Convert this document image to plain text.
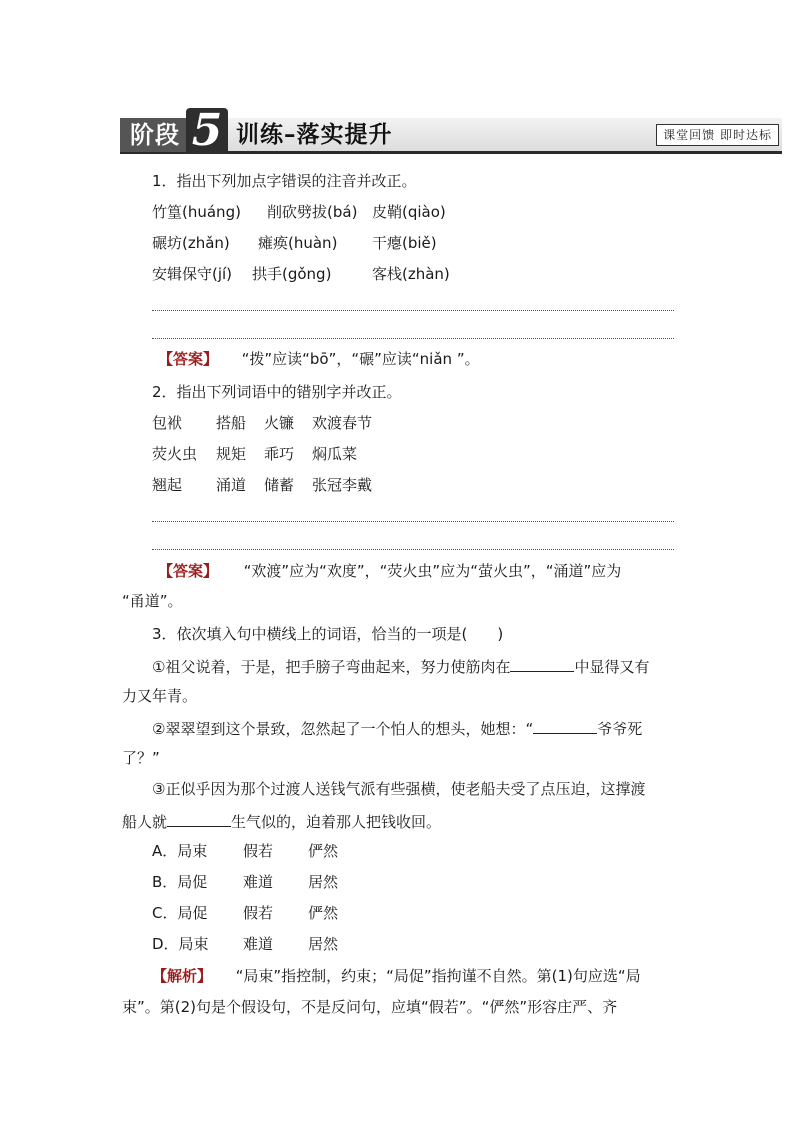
阶段 5 训练–落实提升	课堂回馈 即时达标
1．指出下列加点字错误的注音并改正。
竹篁(huáng) 削砍劈拔(bá) 皮鞘(qiào)
碾坊(zhǎn) 瘫痪(huàn) 干瘪(biě)
安辑保守(jí) 拱手(gǒng)	客栈(zhàn)
【答案】 “拨”应读“bō”，“碾”应读“niǎn ”。
2．指出下列词语中的错别字并改正。
包袱 搭船 火镰 欢渡春节
荧火虫 规矩 乖巧 焖瓜菜
翘起 涌道 储蓄 张冠李戴
【答案】 “欢渡”应为“欢度”，“荧火虫”应为“萤火虫”，“涌道”应为
“甬道”。
3．依次填入句中横线上的词语，恰当的一项是(　　)
①祖父说着，于是，把手膀子弯曲起来，努力使筋肉在	中显得又有
力又年青。
②翠翠望到这个景致，忽然起了一个怕人的想头，她想：“	爷爷死
了？”
③正似乎因为那个过渡人送钱气派有些强横，使老船夫受了点压迫，这撑渡
船人就	生气似的，迫着那人把钱收回。
A．局束 假若 俨然
B．局促 难道 居然
C．局促 假若 俨然
D．局束 难道 居然
【解析】 “局束”指控制，约束；“局促”指拘谨不自然。第(1)句应选“局
束”。第(2)句是个假设句，不是反问句，应填“假若”。“俨然”形容庄严、齐
